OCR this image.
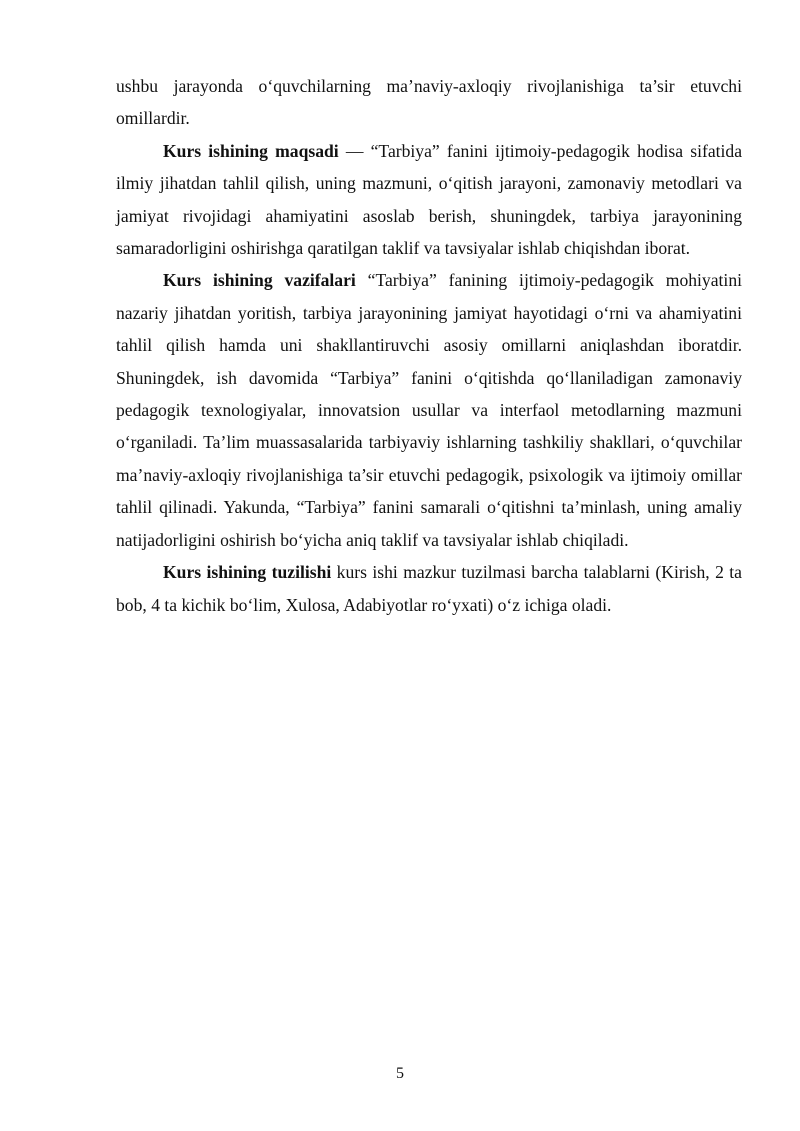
ushbu jarayonda o‘quvchilarning ma’naviy-axloqiy rivojlanishiga ta’sir etuvchi omillardir.

Kurs ishining maqsadi — “Tarbiya” fanini ijtimoiy-pedagogik hodisa sifatida ilmiy jihatdan tahlil qilish, uning mazmuni, o‘qitish jarayoni, zamonaviy metodlari va jamiyat rivojidagi ahamiyatini asoslab berish, shuningdek, tarbiya jarayonining samaradorligini oshirishga qaratilgan taklif va tavsiyalar ishlab chiqishdan iborat.

Kurs ishining vazifalari “Tarbiya” fanining ijtimoiy-pedagogik mohiyatini nazariy jihatdan yoritish, tarbiya jarayonining jamiyat hayotidagi o‘rni va ahamiyatini tahlil qilish hamda uni shakllantiruvchi asosiy omillarni aniqlashdan iboratdir. Shuningdek, ish davomida “Tarbiya” fanini o‘qitishda qo‘llaniladigan zamonaviy pedagogik texnologiyalar, innovatsion usullar va interfaol metodlarning mazmuni o‘rganiladi. Ta’lim muassasalarida tarbiyaviy ishlarning tashkiliy shakllari, o‘quvchilar ma’naviy-axloqiy rivojlanishiga ta’sir etuvchi pedagogik, psixologik va ijtimoiy omillar tahlil qilinadi. Yakunda, “Tarbiya” fanini samarali o‘qitishni ta’minlash, uning amaliy natijadorligini oshirish bo‘yicha aniq taklif va tavsiyalar ishlab chiqiladi.

Kurs ishining tuzilishi kurs ishi mazkur tuzilmasi barcha talablarni (Kirish, 2 ta bob, 4 ta kichik bo‘lim, Xulosa, Adabiyotlar ro‘yxati) o‘z ichiga oladi.

5
